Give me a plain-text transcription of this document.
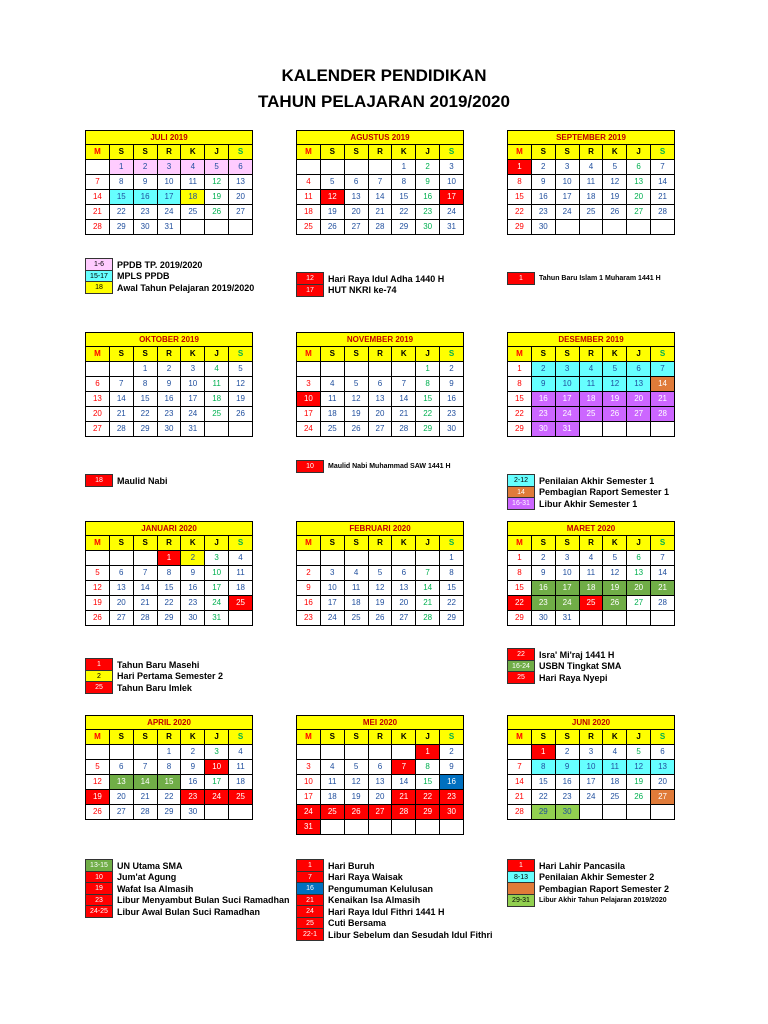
KALENDER PENDIDIKAN
TAHUN PELAJARAN 2019/2020
JULI 2019						
M	S	S	R	K	J	S
	1	2	3	4	5	6
7	8	9	10	11	12	13
14	15	16	17	18	19	20
21	22	23	24	25	26	27
28	29	30	31			
AGUSTUS 2019						
M	S	S	R	K	J	S
				1	2	3
4	5	6	7	8	9	10
11	12	13	14	15	16	17
18	19	20	21	22	23	24
25	26	27	28	29	30	31
SEPTEMBER 2019						
M	S	S	R	K	J	S
1	2	3	4	5	6	7
8	9	10	11	12	13	14
15	16	17	18	19	20	21
22	23	24	25	26	27	28
29	30					
OKTOBER 2019						
M	S	S	R	K	J	S
		1	2	3	4	5
6	7	8	9	10	11	12
13	14	15	16	17	18	19
20	21	22	23	24	25	26
27	28	29	30	31		
NOVEMBER 2019						
M	S	S	R	K	J	S
					1	2
3	4	5	6	7	8	9
10	11	12	13	14	15	16
17	18	19	20	21	22	23
24	25	26	27	28	29	30
DESEMBER 2019						
M	S	S	R	K	J	S
1	2	3	4	5	6	7
8	9	10	11	12	13	14
15	16	17	18	19	20	21
22	23	24	25	26	27	28
29	30	31				
JANUARI 2020						
M	S	S	R	K	J	S
			1	2	3	4
5	6	7	8	9	10	11
12	13	14	15	16	17	18
19	20	21	22	23	24	25
26	27	28	29	30	31	
FEBRUARI 2020						
M	S	S	R	K	J	S
						1
2	3	4	5	6	7	8
9	10	11	12	13	14	15
16	17	18	19	20	21	22
23	24	25	26	27	28	29
MARET 2020						
M	S	S	R	K	J	S
1	2	3	4	5	6	7
8	9	10	11	12	13	14
15	16	17	18	19	20	21
22	23	24	25	26	27	28
29	30	31				
APRIL 2020						
M	S	S	R	K	J	S
			1	2	3	4
5	6	7	8	9	10	11
12	13	14	15	16	17	18
19	20	21	22	23	24	25
26	27	28	29	30		
MEI 2020						
M	S	S	R	K	J	S
					1	2
3	4	5	6	7	8	9
10	11	12	13	14	15	16
17	18	19	20	21	22	23
24	25	26	27	28	29	30
31						
JUNI 2020						
M	S	S	R	K	J	S
	1	2	3	4	5	6
7	8	9	10	11	12	13
14	15	16	17	18	19	20
21	22	23	24	25	26	27
28	29	30				
1-6 PPDB TP. 2019/2020
15-17 MPLS PPDB
18 Awal Tahun Pelajaran 2019/2020
12 Hari Raya Idul Adha 1440 H
17 HUT NKRI ke-74
1 Tahun Baru Islam 1 Muharam 1441 H
18 Maulid Nabi
10 Maulid Nabi Muhammad SAW 1441 H
2-12 Penilaian Akhir Semester 1
14 Pembagian Raport Semester 1
16-31 Libur Akhir Semester 1
1 Tahun Baru Masehi
2 Hari Pertama Semester 2
25 Tahun Baru Imlek
22 Isra' Mi'raj 1441 H
16-24 USBN Tingkat SMA
25 Hari Raya Nyepi
13-15 UN Utama SMA
10 Jum'at Agung
19 Wafat Isa Almasih
23 Libur Menyambut Bulan Suci Ramadhan
24-25 Libur Awal Bulan Suci Ramadhan
1 Hari Buruh
7 Hari Raya Waisak
16 Pengumuman Kelulusan
21 Kenaikan Isa Almasih
24 Hari Raya Idul Fithri 1441 H
25 Cuti Bersama
22-1 Libur Sebelum dan Sesudah Idul Fithri
1 Hari Lahir Pancasila
8-13 Penilaian Akhir Semester 2
Pembagian Raport Semester 2
29-31 Libur Akhir Tahun Pelajaran 2019/2020
